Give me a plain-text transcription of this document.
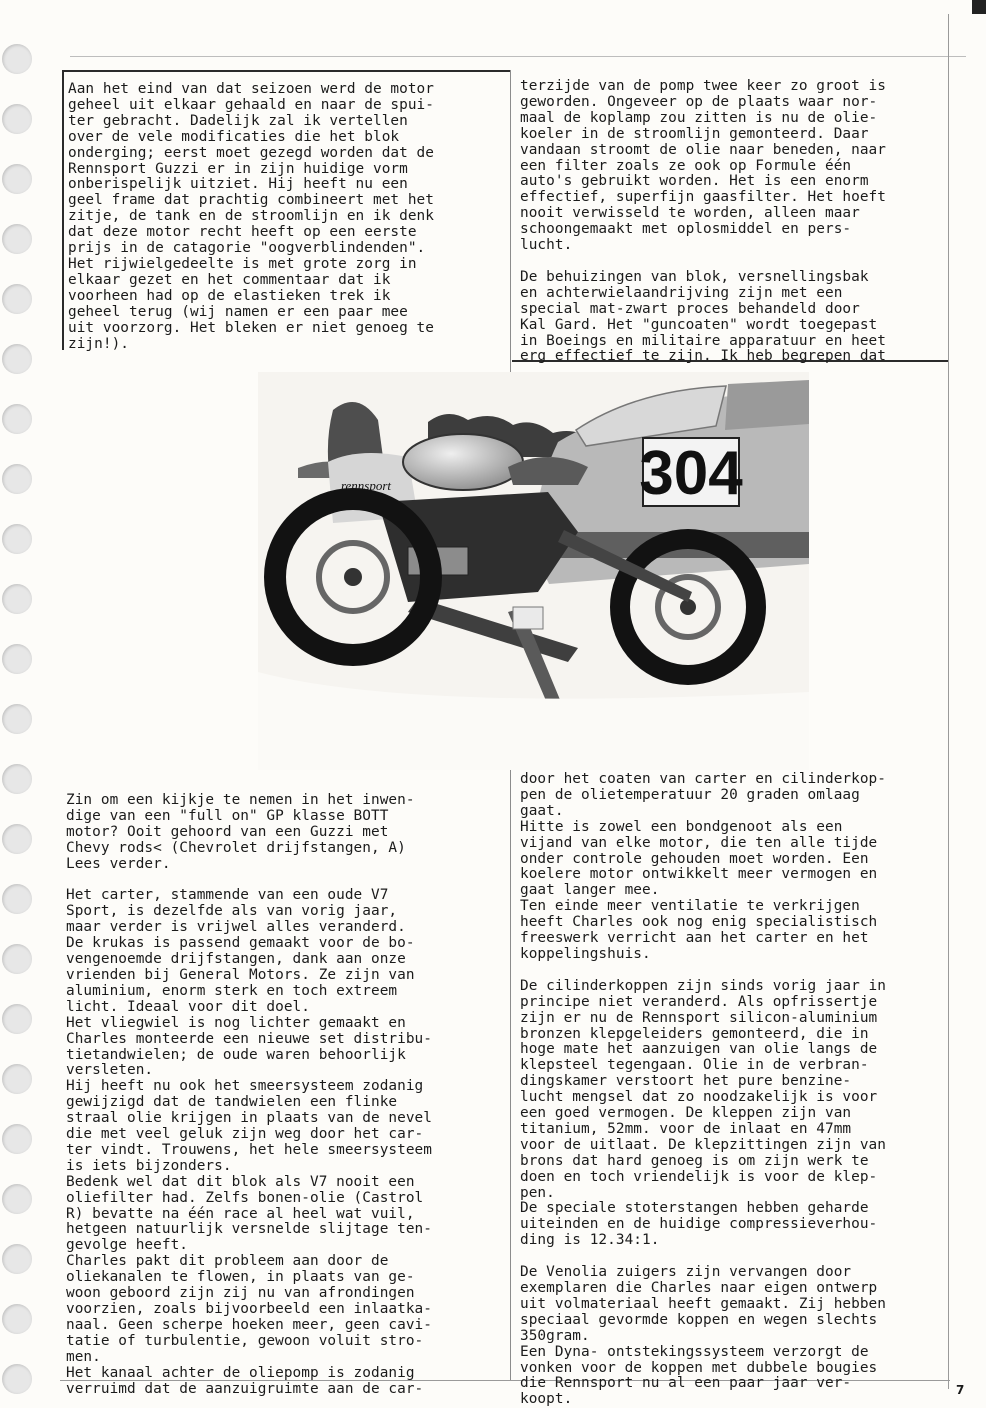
Aan het eind van dat seizoen werd de motor
geheel uit elkaar gehaald en naar de spui-
ter gebracht. Dadelijk zal ik vertellen
over de vele modificaties die het blok
onderging; eerst moet gezegd worden dat de
Rennsport Guzzi er in zijn huidige vorm
onberispelijk uitziet. Hij heeft nu een
geel frame dat prachtig combineert met het
zitje, de tank en de stroomlijn en ik denk
dat deze motor recht heeft op een eerste
prijs in de catagorie "oogverblindenden".
Het rijwielgedeelte is met grote zorg in
elkaar gezet en het commentaar dat ik
voorheen had op de elastieken trek ik
geheel terug (wij namen er een paar mee
uit voorzorg. Het bleken er niet genoeg te
zijn!).
terzijde van de pomp twee keer zo groot is
geworden. Ongeveer op de plaats waar nor-
maal de koplamp zou zitten is nu de olie-
koeler in de stroomlijn gemonteerd. Daar
vandaan stroomt de olie naar beneden, naar
een filter zoals ze ook op Formule één
auto's gebruikt worden. Het is een enorm
effectief, superfijn gaasfilter. Het hoeft
nooit verwisseld te worden, alleen maar
schoongemaakt met oplosmiddel en pers-
lucht.

De behuizingen van blok, versnellingsbak
en achterwielaandrijving zijn met een
special mat-zwart proces behandeld door
Kal Gard. Het "guncoaten" wordt toegepast
in Boeings en militaire apparatuur en heet
erg effectief te zijn. Ik heb begrepen dat
304
rennsport
racing
Zin om een kijkje te nemen in het inwen-
dige van een "full on" GP klasse BOTT
motor? Ooit gehoord van een Guzzi met
Chevy rods< (Chevrolet drijfstangen, A)
Lees verder.

Het carter, stammende van een oude V7
Sport, is dezelfde als van vorig jaar,
maar verder is vrijwel alles veranderd.
De krukas is passend gemaakt voor de bo-
vengenoemde drijfstangen, dank aan onze
vrienden bij General Motors. Ze zijn van
aluminium, enorm sterk en toch extreem
licht. Ideaal voor dit doel.
Het vliegwiel is nog lichter gemaakt en
Charles monteerde een nieuwe set distribu-
tietandwielen; de oude waren behoorlijk
versleten.
Hij heeft nu ook het smeersysteem zodanig
gewijzigd dat de tandwielen een flinke
straal olie krijgen in plaats van de nevel
die met veel geluk zijn weg door het car-
ter vindt. Trouwens, het hele smeersysteem
is iets bijzonders.
Bedenk wel dat dit blok als V7 nooit een
oliefilter had. Zelfs bonen-olie (Castrol
R) bevatte na één race al heel wat vuil,
hetgeen natuurlijk versnelde slijtage ten-
gevolge heeft.
Charles pakt dit probleem aan door de
oliekanalen te flowen, in plaats van ge-
woon geboord zijn zij nu van afrondingen
voorzien, zoals bijvoorbeeld een inlaatka-
naal. Geen scherpe hoeken meer, geen cavi-
tatie of turbulentie, gewoon voluit stro-
men.
Het kanaal achter de oliepomp is zodanig
verruimd dat de aanzuigruimte aan de car-
door het coaten van carter en cilinderkop-
pen de olietemperatuur 20 graden omlaag
gaat.
Hitte is zowel een bondgenoot als een
vijand van elke motor, die ten alle tijde
onder controle gehouden moet worden. Een
koelere motor ontwikkelt meer vermogen en
gaat langer mee.
Ten einde meer ventilatie te verkrijgen
heeft Charles ook nog enig specialistisch
freeswerk verricht aan het carter en het
koppelingshuis.

De cilinderkoppen zijn sinds vorig jaar in
principe niet veranderd. Als opfrissertje
zijn er nu de Rennsport silicon-aluminium
bronzen klepgeleiders gemonteerd, die in
hoge mate het aanzuigen van olie langs de
klepsteel tegengaan. Olie in de verbran-
dingskamer verstoort het pure benzine-
lucht mengsel dat zo noodzakelijk is voor
een goed vermogen. De kleppen zijn van
titanium, 52mm. voor de inlaat en 47mm
voor de uitlaat. De klepzittingen zijn van
brons dat hard genoeg is om zijn werk te
doen en toch vriendelijk is voor de klep-
pen.
De speciale stoterstangen hebben geharde
uiteinden en de huidige compressieverhou-
ding is 12.34:1.

De Venolia zuigers zijn vervangen door
exemplaren die Charles naar eigen ontwerp
uit volmateriaal heeft gemaakt. Zij hebben
speciaal gevormde koppen en wegen slechts
350gram.
Een Dyna- ontstekingssysteem verzorgt de
vonken voor de koppen met dubbele bougies
die Rennsport nu al een paar jaar ver-
koopt.
7
